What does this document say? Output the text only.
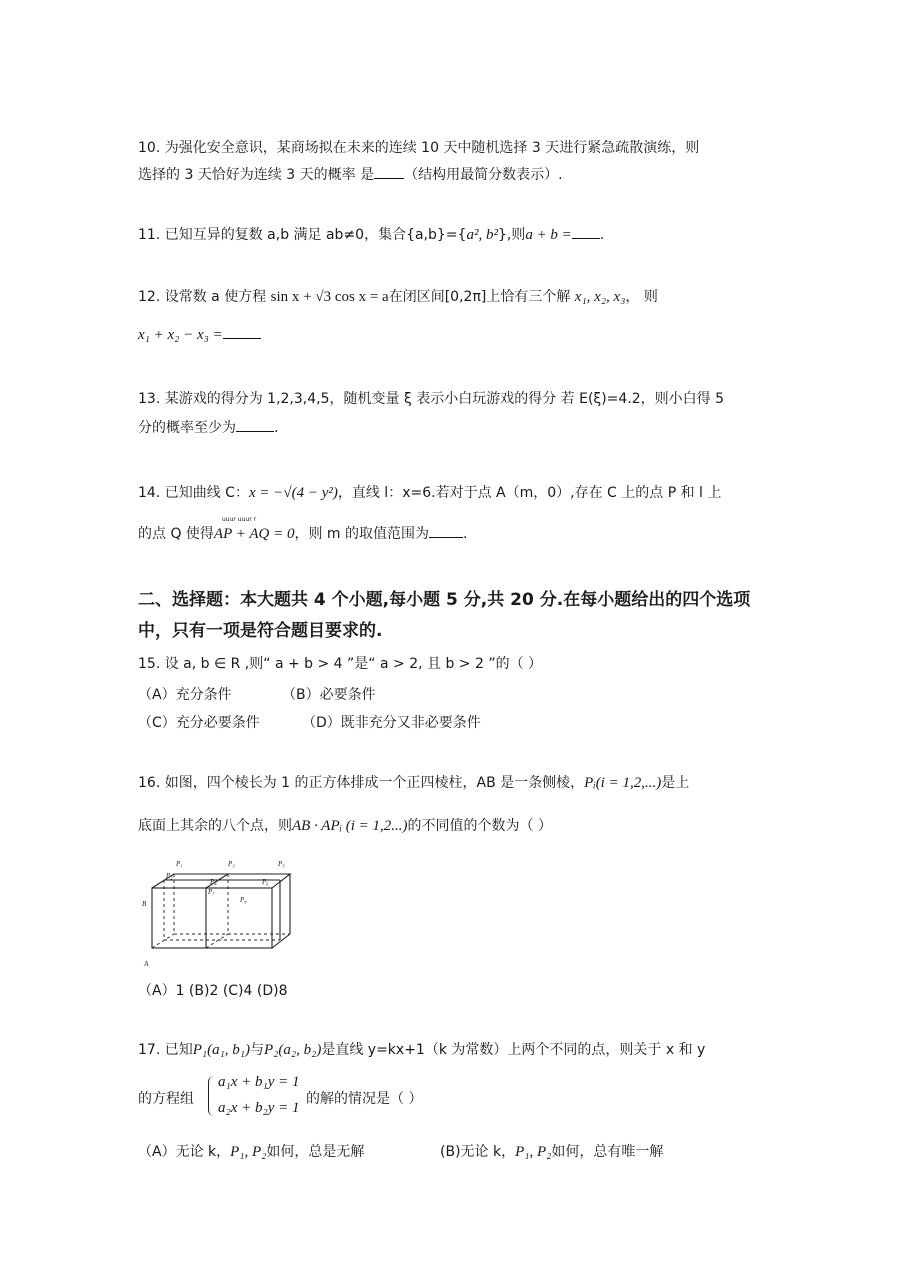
10. 为强化安全意识，某商场拟在未来的连续 10 天中随机选择 3 天进行紧急疏散演练，则
选择的 3 天恰好为连续 3 天的概率 是 （结构用最简分数表示）.
11. 已知互异的复数 a,b 满足 ab≠0，集合{a,b}={a², b²},则a + b = .
12. 设常数 a 使方程 sin x + √3 cos x = a在闭区间[0,2π]上恰有三个解 x₁, x₂, x₃， 则
x₁ + x₂ − x₃ =
13. 某游戏的得分为 1,2,3,4,5，随机变量 ξ 表示小白玩游戏的得分 若 E(ξ)=4.2，则小白得 5
分的概率至少为	.
14. 已知曲线 C：x = −√(4 − y²)，直线 l：x=6.若对于点 A（m，0）,存在 C 上的点 P 和 l 上
uuur uuur r
的点 Q 使得AP + AQ = 0，则 m 的取值范围为 .
二、选择题：本大题共 4 个小题,每小题 5 分,共 20 分.在每小题给出的四个选项
中，只有一项是符合题目要求的.
15. 设 a, b ∈ R ,则“ a + b > 4 ”是“ a > 2, 且 b > 2 ”的（ ）
（A）充分条件	（B）必要条件
（C）充分必要条件	（D）既非充分又非必要条件
16. 如图，四个棱长为 1 的正方体排成一个正四棱柱，AB 是一条侧棱，Pᵢ(i = 1,2,...)是上
底面上其余的八个点，则AB · APᵢ (i = 1,2...)的不同值的个数为（ ）
P₁	P₃	P₅
P₂
P₄	P₆
P₇
P₈
B
A
（A）1 (B)2 (C)4 (D)8
17. 已知P₁(a₁, b₁)与P₂(a₂, b₂)是直线 y=kx+1（k 为常数）上两个不同的点，则关于 x 和 y
的方程组
a₁x + b₁y = 1
a₂x + b₂y = 1
的解的情况是（ ）
（A）无论 k，P₁, P₂如何，总是无解	(B)无论 k，P₁, P₂如何，总有唯一解
